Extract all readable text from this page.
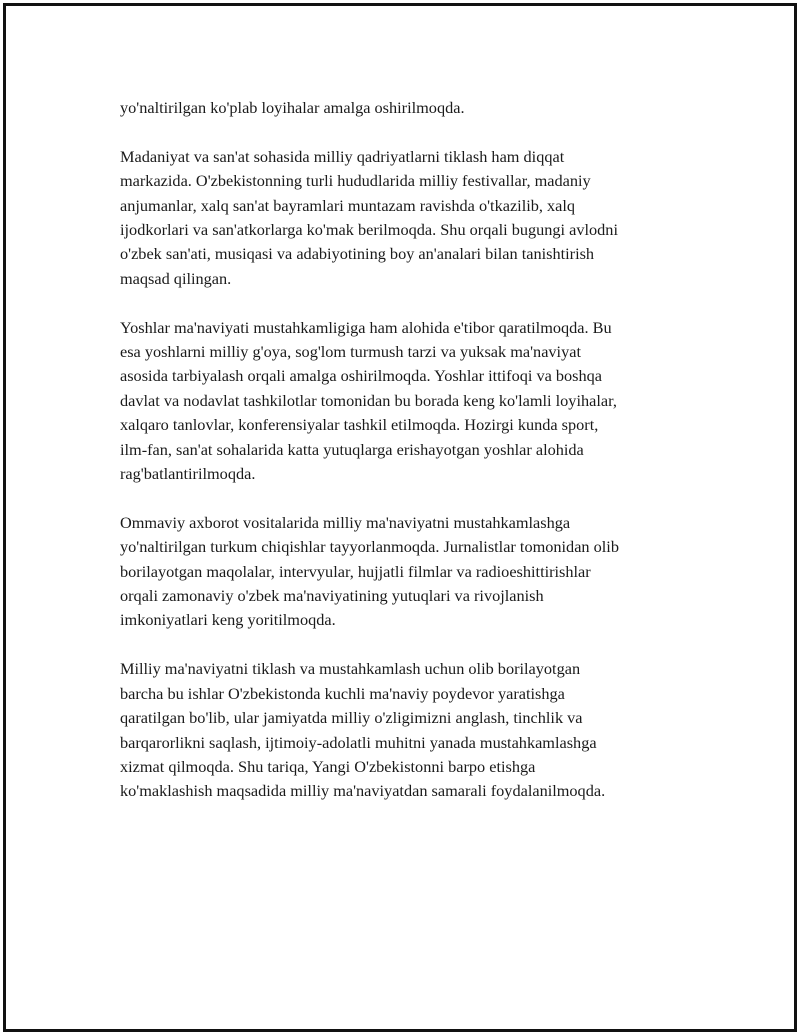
yo'naltirilgan ko'plab loyihalar amalga oshirilmoqda.

Madaniyat va san'at sohasida milliy qadriyatlarni tiklash ham diqqat
markazida. O'zbekistonning turli hududlarida milliy festivallar, madaniy
anjumanlar, xalq san'at bayramlari muntazam ravishda o'tkazilib, xalq
ijodkorlari va san'atkorlarga ko'mak berilmoqda. Shu orqali bugungi avlodni
o'zbek san'ati, musiqasi va adabiyotining boy an'analari bilan tanishtirish
maqsad qilingan.

Yoshlar ma'naviyati mustahkamligiga ham alohida e'tibor qaratilmoqda. Bu
esa yoshlarni milliy g'oya, sog'lom turmush tarzi va yuksak ma'naviyat
asosida tarbiyalash orqali amalga oshirilmoqda. Yoshlar ittifoqi va boshqa
davlat va nodavlat tashkilotlar tomonidan bu borada keng ko'lamli loyihalar,
xalqaro tanlovlar, konferensiyalar tashkil etilmoqda. Hozirgi kunda sport,
ilm-fan, san'at sohalarida katta yutuqlarga erishayotgan yoshlar alohida
rag'batlantirilmoqda.

Ommaviy axborot vositalarida milliy ma'naviyatni mustahkamlashga
yo'naltirilgan turkum chiqishlar tayyorlanmoqda. Jurnalistlar tomonidan olib
borilayotgan maqolalar, intervyular, hujjatli filmlar va radioeshittirishlar
orqali zamonaviy o'zbek ma'naviyatining yutuqlari va rivojlanish
imkoniyatlari keng yoritilmoqda.

Milliy ma'naviyatni tiklash va mustahkamlash uchun olib borilayotgan
barcha bu ishlar O'zbekistonda kuchli ma'naviy poydevor yaratishga
qaratilgan bo'lib, ular jamiyatda milliy o'zligimizni anglash, tinchlik va
barqarorlikni saqlash, ijtimoiy-adolatli muhitni yanada mustahkamlashga
xizmat qilmoqda. Shu tariqa, Yangi O'zbekistonni barpo etishga
ko'maklashish maqsadida milliy ma'naviyatdan samarali foydalanilmoqda.
